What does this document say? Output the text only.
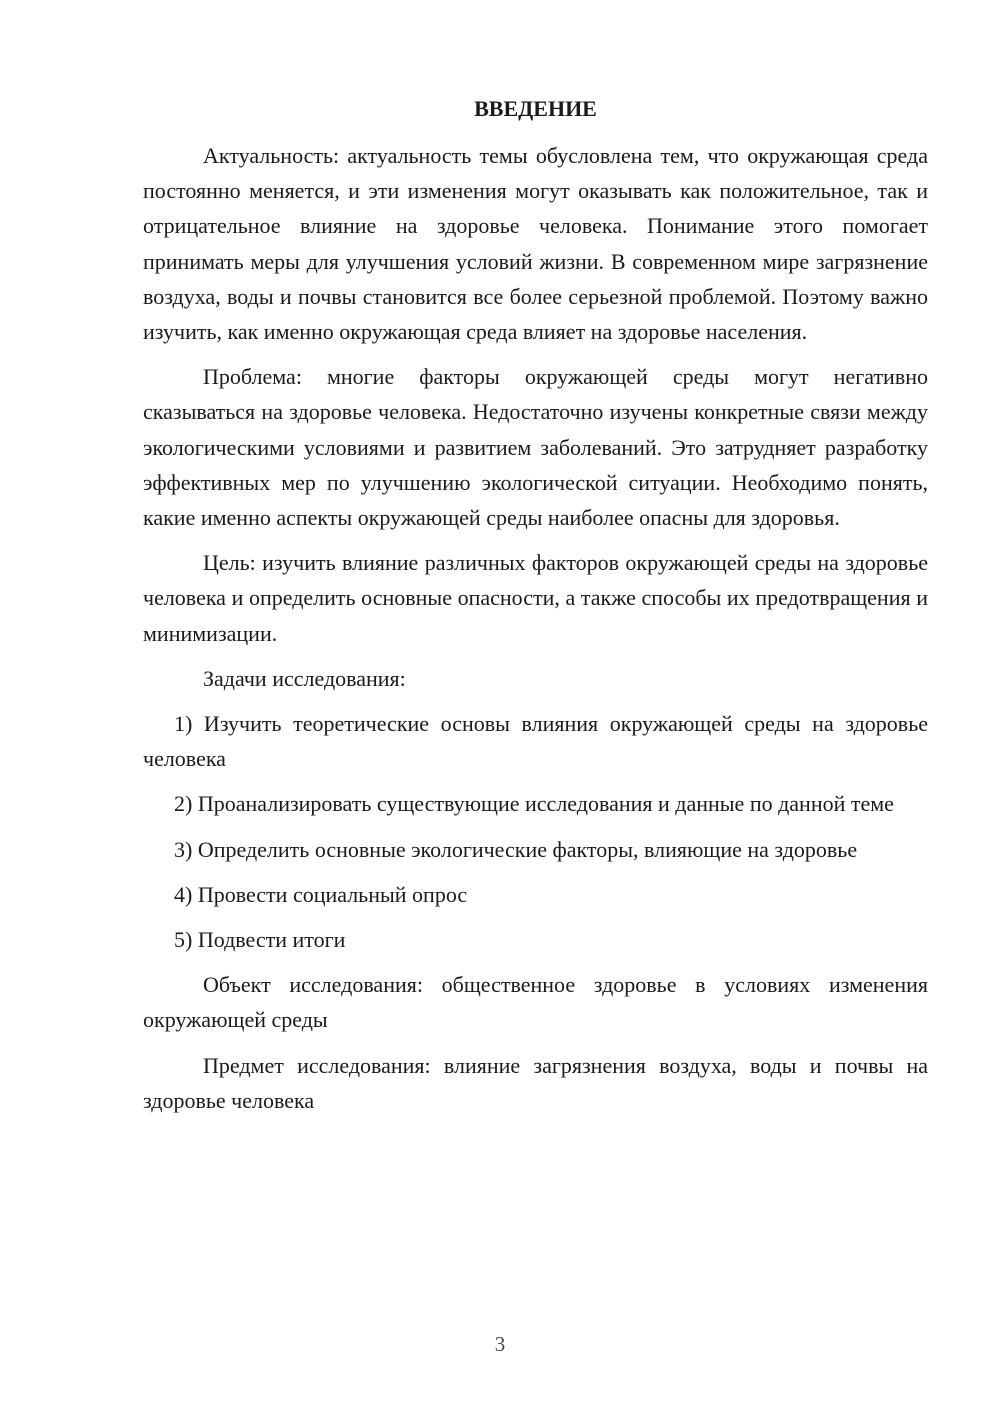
ВВЕДЕНИЕ

Актуальность: актуальность темы обусловлена тем, что окружающая среда постоянно меняется, и эти изменения могут оказывать как положительное, так и отрицательное влияние на здоровье человека. Понимание этого помогает принимать меры для улучшения условий жизни. В современном мире загрязнение воздуха, воды и почвы становится все более серьезной проблемой. Поэтому важно изучить, как именно окружающая среда влияет на здоровье населения.

Проблема: многие факторы окружающей среды могут негативно сказываться на здоровье человека. Недостаточно изучены конкретные связи между экологическими условиями и развитием заболеваний. Это затрудняет разработку эффективных мер по улучшению экологической ситуации. Необходимо понять, какие именно аспекты окружающей среды наиболее опасны для здоровья.

Цель: изучить влияние различных факторов окружающей среды на здоровье человека и определить основные опасности, а также способы их предотвращения и минимизации.

Задачи исследования:

1) Изучить теоретические основы влияния окружающей среды на здоровье человека

2) Проанализировать существующие исследования и данные по данной теме

3) Определить основные экологические факторы, влияющие на здоровье

4) Провести социальный опрос

5) Подвести итоги

Объект исследования: общественное здоровье в условиях изменения окружающей среды

Предмет исследования: влияние загрязнения воздуха, воды и почвы на здоровье человека

3
